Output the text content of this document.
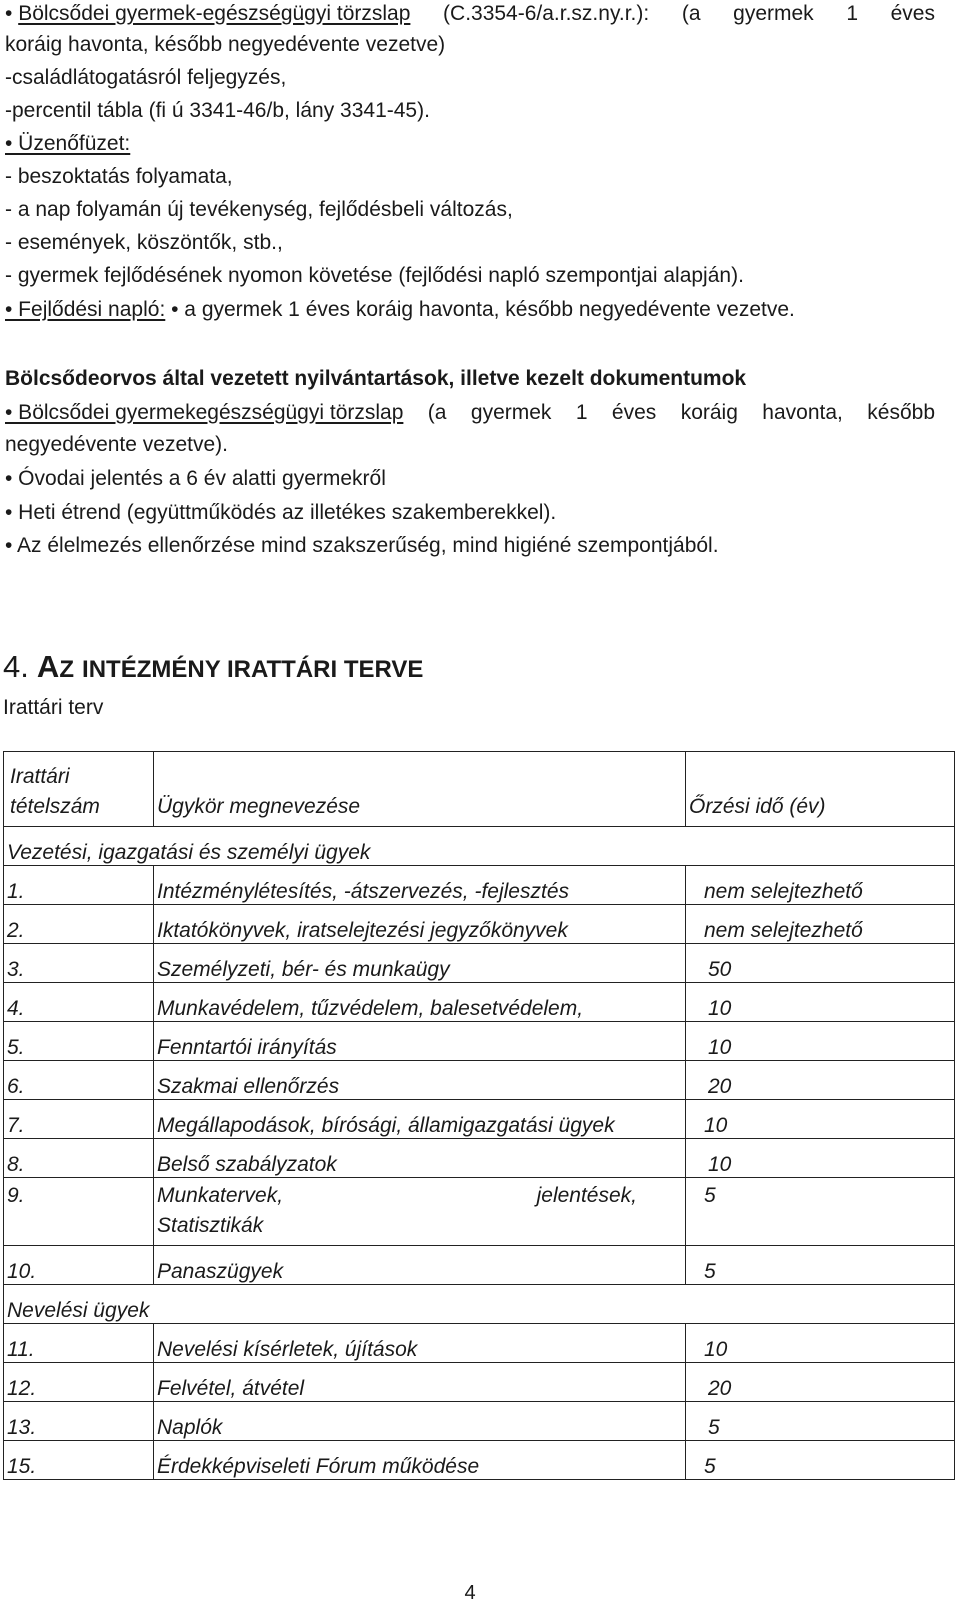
• Bölcsődei gyermek-egészségügyi törzslap (C.3354-6/a.r.sz.ny.r.): (a gyermek 1 éves
koráig havonta, később negyedévente vezetve)
-családlátogatásról feljegyzés,
-percentil tábla (fi ú 3341-46/b, lány 3341-45).
• Üzenőfüzet:
- beszoktatás folyamata,
- a nap folyamán új tevékenység, fejlődésbeli változás,
- események, köszöntők, stb.,
- gyermek fejlődésének nyomon követése (fejlődési napló szempontjai alapján).
• Fejlődési napló: • a gyermek 1 éves koráig havonta, később negyedévente vezetve.
Bölcsődeorvos által vezetett nyilvántartások, illetve kezelt dokumentumok
• Bölcsődei gyermekegészségügyi törzslap (a gyermek 1 éves koráig havonta, később
negyedévente vezetve).
• Óvodai jelentés a 6 év alatti gyermekről
• Heti étrend (együttműködés az illetékes szakemberekkel).
• Az élelmezés ellenőrzése mind szakszerűség, mind higiéné szempontjából.
4. AZ INTÉZMÉNY IRATTÁRI TERVE
Irattári terv
Irattári tételszám	Ügykör megnevezése	Őrzési idő (év)
Vezetési, igazgatási és személyi ügyek		
1.	Intézménylétesítés, -átszervezés, -fejlesztés	nem selejtezhető
2.	Iktatókönyvek, iratselejtezési jegyzőkönyvek	nem selejtezhető
3.	Személyzeti, bér- és munkaügy	50
4.	Munkavédelem, tűzvédelem, balesetvédelem,	10
5.	Fenntartói irányítás	10
6.	Szakmai ellenőrzés	20
7.	Megállapodások, bírósági, államigazgatási ügyek	10
8.	Belső szabályzatok	10
9.	Munkatervek, jelentések,
Statisztikák	5
10.	Panaszügyek	5
Nevelési ügyek		
11.	Nevelési kísérletek, újítások	10
12.	Felvétel, átvétel	20
13.	Naplók	5
15.	Érdekképviseleti Fórum működése	5
4
